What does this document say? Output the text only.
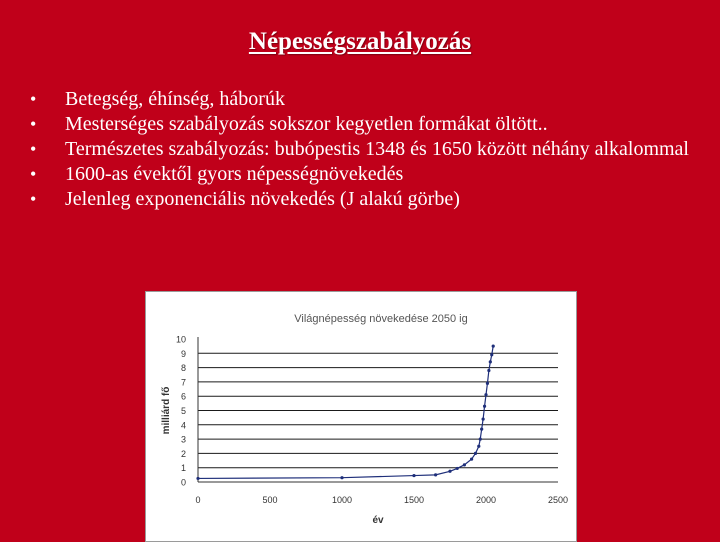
Népességszabályozás
•	Betegség, éhínség, háborúk
•	Mesterséges szabályozás sokszor kegyetlen formákat öltött..
•	Természetes szabályozás: bubópestis 1348 és 1650 között néhány alkalommal
•	1600-as évektől gyors népességnövekedés
•	Jelenleg exponenciális növekedés (J alakú görbe)
Világnépesség növekedése 2050 ig
0
1
2
3
4
5
6
7
8
9
10
0	500	1000	1500	2000	2500
év
milliárd fő
